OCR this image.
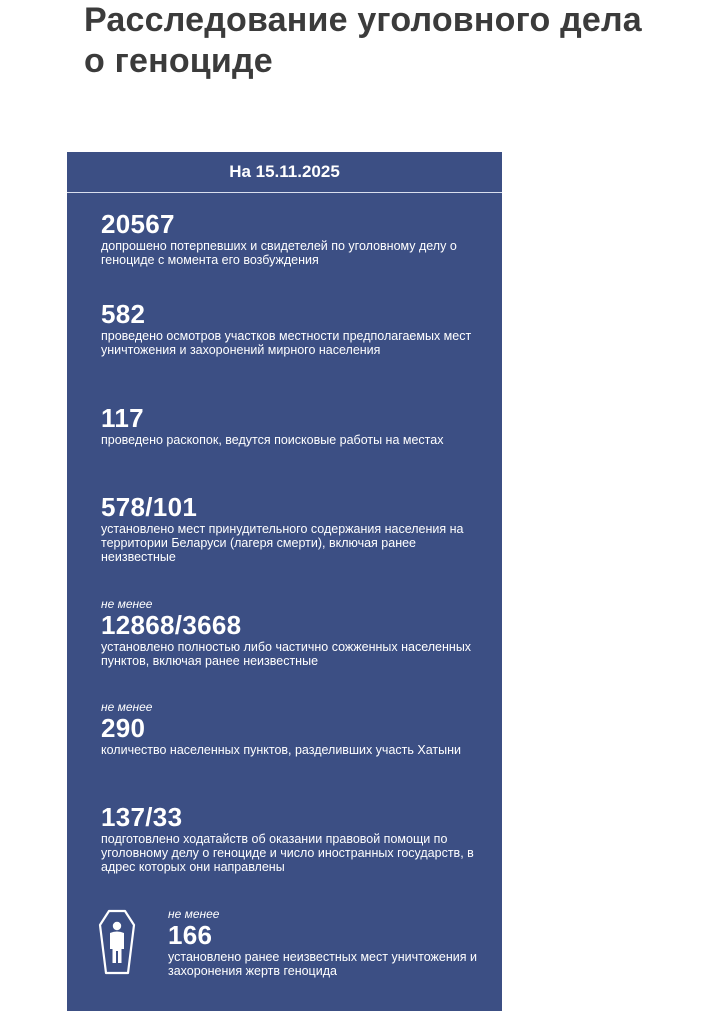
Расследование уголовного дела о геноциде
На 15.11.2025
20567
допрошено потерпевших и свидетелей по уголовному делу о геноциде с момента его возбуждения
582
проведено осмотров участков местности предполагаемых мест уничтожения и захоронений мирного населения
117
проведено раскопок, ведутся поисковые работы на местах
578/101
установлено мест принудительного содержания населения на территории Беларуси (лагеря смерти), включая ранее неизвестные
не менее
12868/3668
установлено полностью либо частично сожженных населенных пунктов, включая ранее неизвестные
не менее
290
количество населенных пунктов, разделивших участь Хатыни
137/33
подготовлено ходатайств об оказании правовой помощи по уголовному делу о геноциде и число иностранных государств, в адрес которых они направлены
не менее
166
установлено ранее неизвестных мест уничтожения и захоронения жертв геноцида
